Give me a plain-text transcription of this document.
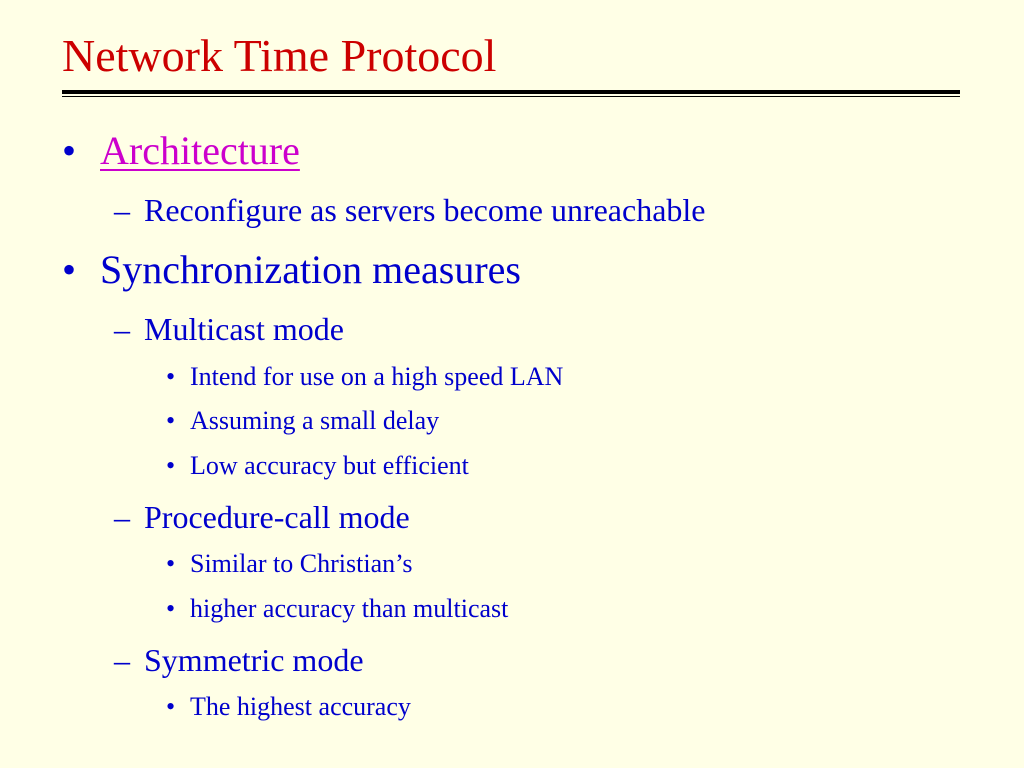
Network Time Protocol
• Architecture
– Reconfigure as servers become unreachable
• Synchronization measures
– Multicast mode
• Intend for use on a high speed LAN
• Assuming a small delay
• Low accuracy but efficient
– Procedure-call mode
• Similar to Christian’s
• higher accuracy than multicast
– Symmetric mode
• The highest accuracy
